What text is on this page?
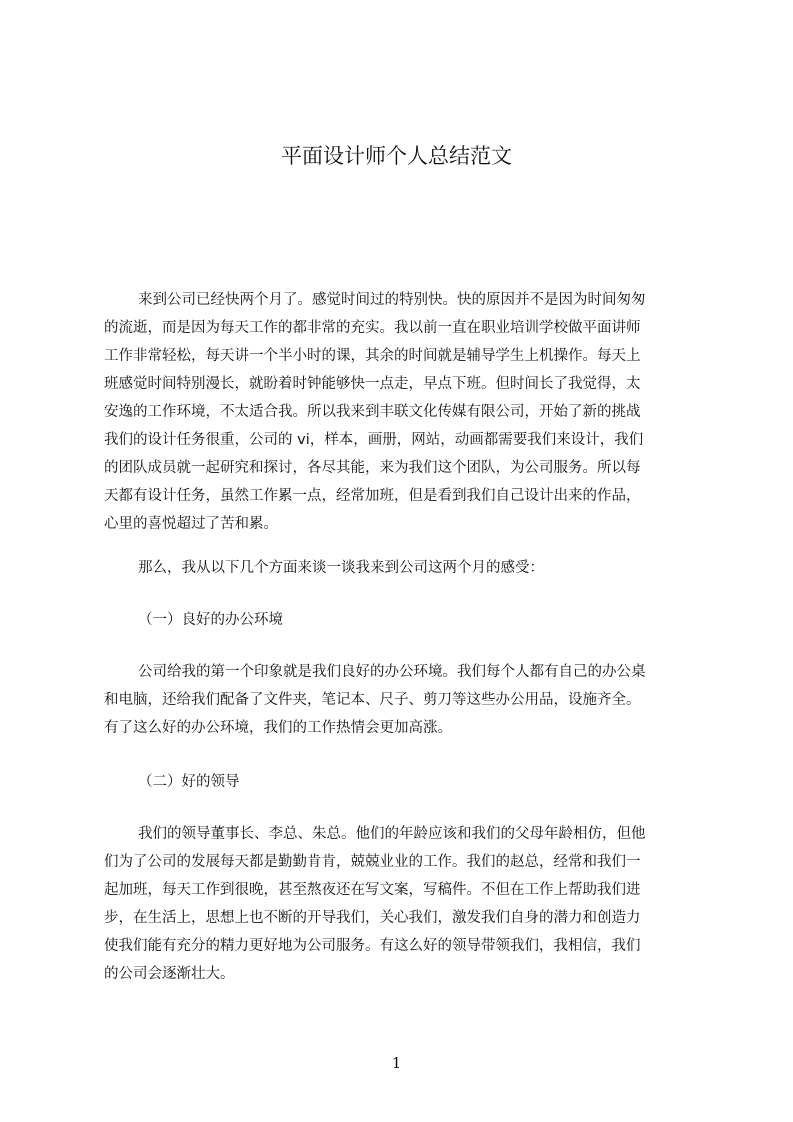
平面设计师个人总结范文
来到公司已经快两个月了。感觉时间过的特别快。快的原因并不是因为时间匆匆
的流逝，而是因为每天工作的都非常的充实。我以前一直在职业培训学校做平面讲师
工作非常轻松，每天讲一个半小时的课，其余的时间就是辅导学生上机操作。每天上
班感觉时间特别漫长，就盼着时钟能够快一点走，早点下班。但时间长了我觉得，太
安逸的工作环境，不太适合我。所以我来到丰联文化传媒有限公司，开始了新的挑战
我们的设计任务很重，公司的 vi，样本，画册，网站，动画都需要我们来设计，我们
的团队成员就一起研究和探讨，各尽其能，来为我们这个团队，为公司服务。所以每
天都有设计任务，虽然工作累一点，经常加班，但是看到我们自己设计出来的作品，
心里的喜悦超过了苦和累。
那么，我从以下几个方面来谈一谈我来到公司这两个月的感受：
（一）良好的办公环境
公司给我的第一个印象就是我们良好的办公环境。我们每个人都有自己的办公桌
和电脑，还给我们配备了文件夹，笔记本、尺子、剪刀等这些办公用品，设施齐全。
有了这么好的办公环境，我们的工作热情会更加高涨。
（二）好的领导
我们的领导董事长、李总、朱总。他们的年龄应该和我们的父母年龄相仿，但他
们为了公司的发展每天都是勤勤肯肯，兢兢业业的工作。我们的赵总，经常和我们一
起加班，每天工作到很晚，甚至熬夜还在写文案，写稿件。不但在工作上帮助我们进
步，在生活上，思想上也不断的开导我们，关心我们，激发我们自身的潜力和创造力
使我们能有充分的精力更好地为公司服务。有这么好的领导带领我们，我相信，我们
的公司会逐渐壮大。
1
